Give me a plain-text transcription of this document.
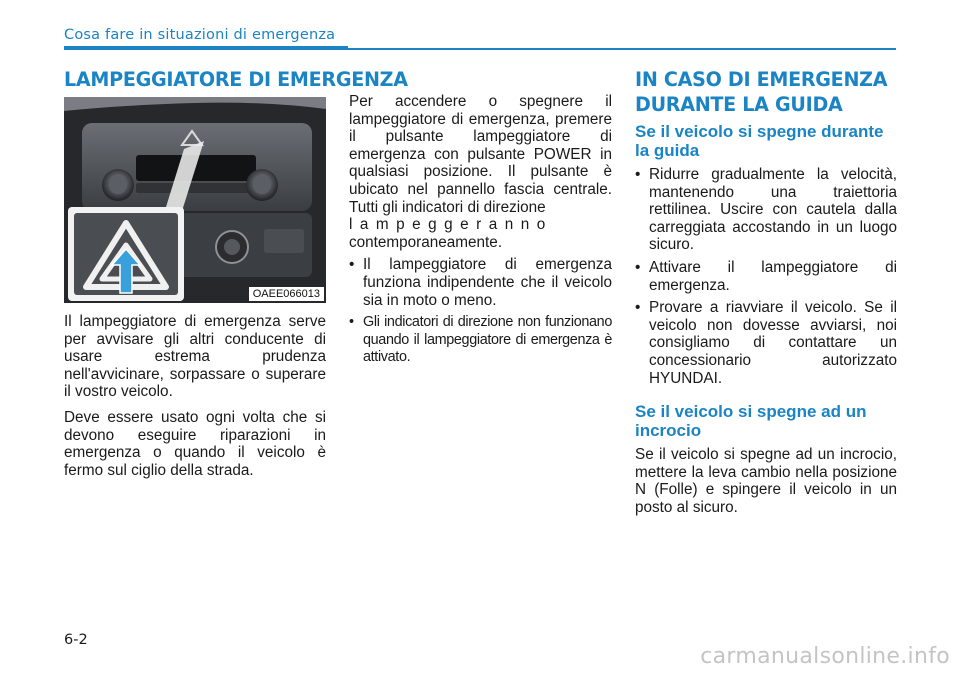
Cosa fare in situazioni di emergenza
LAMPEGGIATORE DI EMERGENZA
OAEE066013

Il lampeggiatore di emergenza serve per avvisare gli altri conducente di usare estrema prudenza nell'avvicinare, sorpassare o superare il vostro veicolo.

Deve essere usato ogni volta che si devono eseguire riparazioni in emergenza o quando il veicolo è fermo sul ciglio della strada.

Per accendere o spegnere il lampeggiatore di emergenza, premere il pulsante lampeggiatore di emergenza con pulsante POWER in qualsiasi posizione. Il pulsante è ubicato nel pannello fascia centrale. Tutti gli indicatori di direzione
lampeggeranno
contemporaneamente.

• Il lampeggiatore di emergenza funziona indipendente che il veicolo sia in moto o meno.
• Gli indicatori di direzione non funzionano quando il lampeggiatore di emergenza è attivato.
IN CASO DI EMERGENZA
DURANTE LA GUIDA
Se il veicolo si spegne durante la guida
• Ridurre gradualmente la velocità, mantenendo una traiettoria rettilinea. Uscire con cautela dalla carreggiata accostando in un luogo sicuro.
• Attivare il lampeggiatore di emergenza.
• Provare a riavviare il veicolo. Se il veicolo non dovesse avviarsi, noi consigliamo di contattare un concessionario autorizzato HYUNDAI.
Se il veicolo si spegne ad un incrocio

Se il veicolo si spegne ad un incrocio, mettere la leva cambio nella posizione N (Folle) e spingere il veicolo in un posto al sicuro.

6-2
carmanualsonline.info
